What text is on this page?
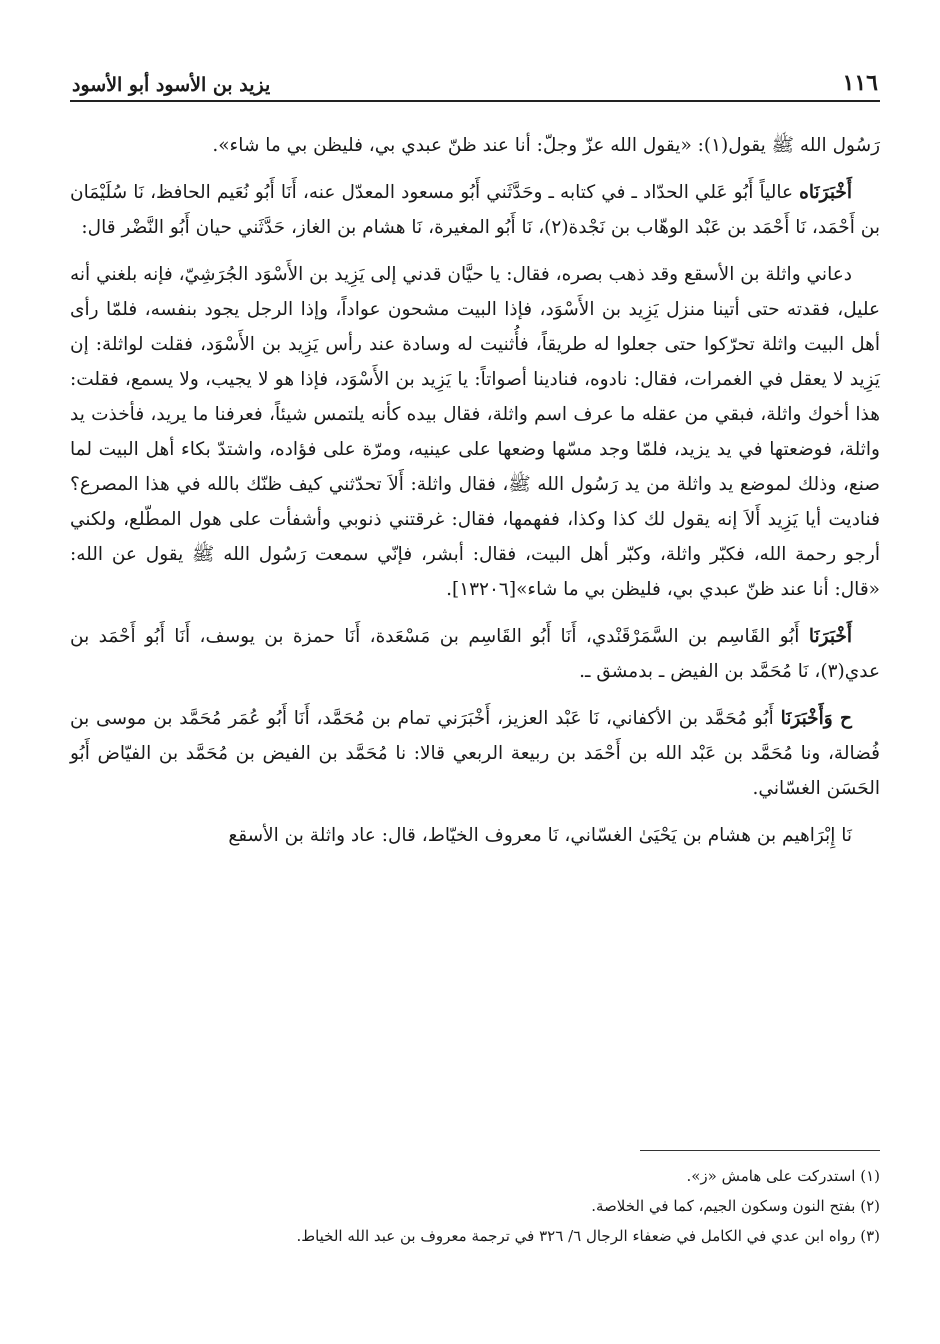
١١٦
يزيد بن الأسود أبو الأسود

رَسُول الله ﷺ يقول(١): «يقول الله عزّ وجلّ: أنا عند ظنّ عبدي بي، فليظن بي ما شاء».

أَخْبَرَنَاه عالياً أَبُو عَلي الحدّاد ـ في كتابه ـ وحَدَّثَني أَبُو مسعود المعدّل عنه، أَنَا أَبُو نُعَيم الحافظ، نَا سُلَيْمَان بن أَحْمَد، نَا أَحْمَد بن عَبْد الوهّاب بن نَجْدة(٢)، نَا أَبُو المغيرة، نَا هشام بن الغاز، حَدَّثَني حيان أَبُو النَّضْر قال:

دعاني واثلة بن الأسقع وقد ذهب بصره، فقال: يا حيَّان قدني إلى يَزِيد بن الأَسْوَد الجُرَشِيّ، فإنه بلغني أنه عليل، فقدته حتى أتينا منزل يَزِيد بن الأَسْوَد، فإذا البيت مشحون عواداً، وإذا الرجل يجود بنفسه، فلمّا رأى أهل البيت واثلة تحرّكوا حتى جعلوا له طريقاً، فأُثنيت له وسادة عند رأس يَزِيد بن الأَسْوَد، فقلت لواثلة: إن يَزِيد لا يعقل في الغمرات، فقال: نادوه، فنادينا أصواتاً: يا يَزِيد بن الأَسْوَد، فإذا هو لا يجيب، ولا يسمع، فقلت: هذا أخوك واثلة، فبقي من عقله ما عرف اسم واثلة، فقال بيده كأنه يلتمس شيئاً، فعرفنا ما يريد، فأخذت يد واثلة، فوضعتها في يد يزيد، فلمّا وجد مسّها وضعها على عينيه، ومرّة على فؤاده، واشتدّ بكاء أهل البيت لما صنع، وذلك لموضع يد واثلة من يد رَسُول الله ﷺ، فقال واثلة: أَلاَ تحدّثني كيف ظنّك بالله في هذا المصرع؟ فناديت أيا يَزِيد أَلاَ إنه يقول لك كذا وكذا، ففهمها، فقال: غرقتني ذنوبي وأشفأت على هول المطّلع، ولكني أرجو رحمة الله، فكبّر واثلة، وكبّر أهل البيت، فقال: أبشر، فإنّي سمعت رَسُول الله ﷺ يقول عن الله: «قال: أنا عند ظنّ عبدي بي، فليظن بي ما شاء»[١٣٢٠٦].

أَخْبَرَنَا أَبُو القَاسِم بن السَّمَرْقَنْدي، أَنَا أَبُو القَاسِم بن مَسْعَدة، أَنَا حمزة بن يوسف، أَنَا أَبُو أَحْمَد بن عدي(٣)، نَا مُحَمَّد بن الفيض ـ بدمشق ـ.

ح وَأَخْبَرَنَا أَبُو مُحَمَّد بن الأكفاني، نَا عَبْد العزيز، أَخْبَرَني تمام بن مُحَمَّد، أَنَا أَبُو عُمَر مُحَمَّد بن موسى بن فُضالة، ونا مُحَمَّد بن عَبْد الله بن أَحْمَد بن ربيعة الربعي قالا: نا مُحَمَّد بن الفيض بن مُحَمَّد بن الفيّاض أَبُو الحَسَن الغسّاني.

نَا إِبْرَاهيم بن هشام بن يَحْيَىٰ الغسّاني، نَا معروف الخيّاط، قال: عاد واثلة بن الأسقع

(١) استدركت على هامش «ز».

(٢) بفتح النون وسكون الجيم، كما في الخلاصة.

(٣) رواه ابن عدي في الكامل في ضعفاء الرجال ٦/ ٣٢٦ في ترجمة معروف بن عبد الله الخياط.
